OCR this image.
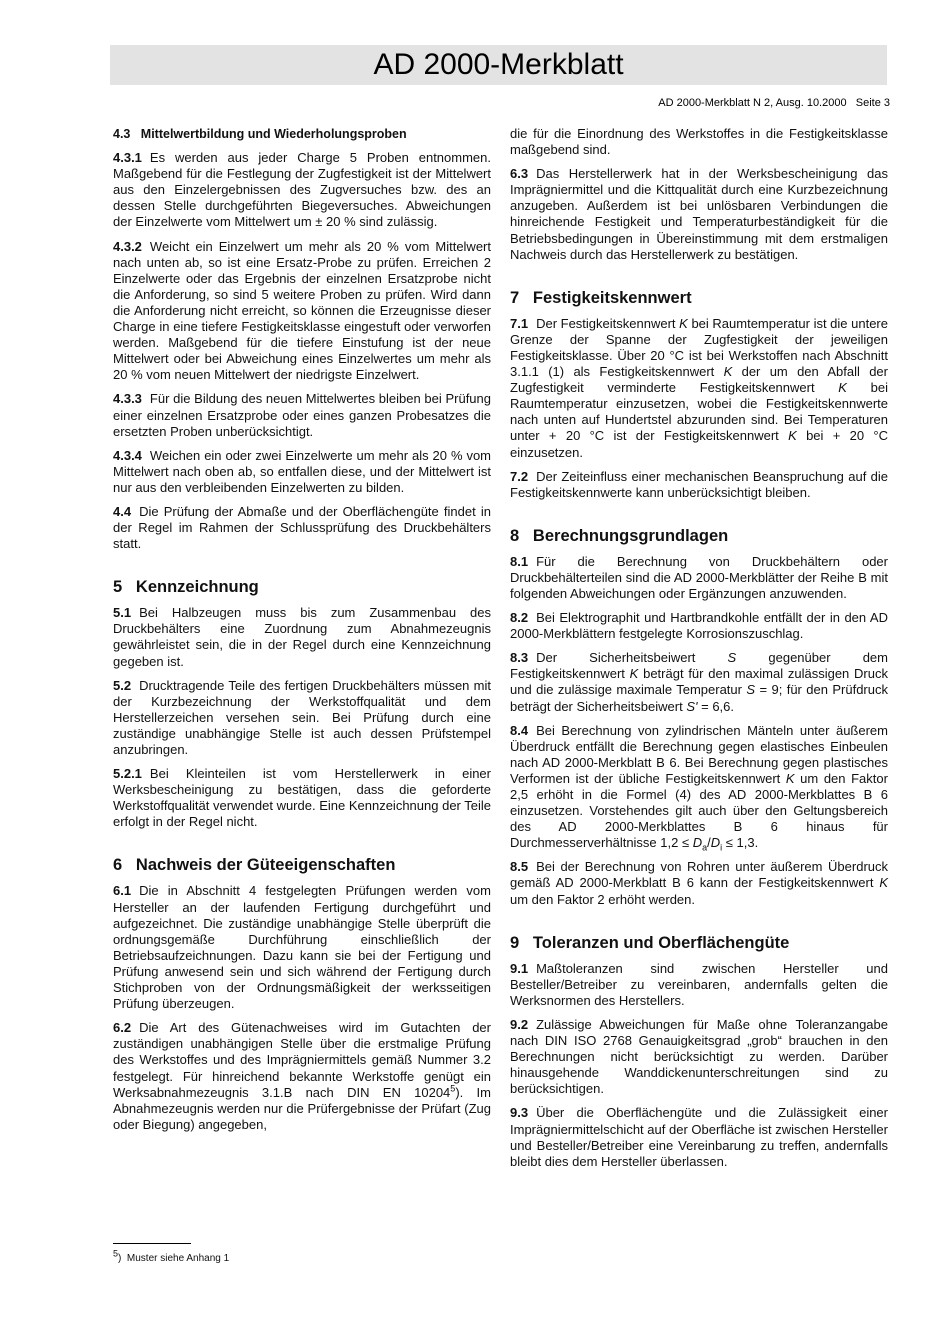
AD 2000-Merkblatt
AD 2000-Merkblatt N 2, Ausg. 10.2000   Seite 3

4.3   Mittelwertbildung und Wiederholungsproben

4.3.1 Es werden aus jeder Charge 5 Proben entnommen. Maßgebend für die Festlegung der Zugfestigkeit ist der Mittelwert aus den Einzelergebnissen des Zugversuches bzw. des an dessen Stelle durchgeführten Biegeversuches. Abweichungen der Einzelwerte vom Mittelwert um ± 20 % sind zulässig.

4.3.2 Weicht ein Einzelwert um mehr als 20 % vom Mittelwert nach unten ab, so ist eine Ersatz-Probe zu prüfen. Erreichen 2 Einzelwerte oder das Ergebnis der einzelnen Ersatzprobe nicht die Anforderung, so sind 5 weitere Proben zu prüfen. Wird dann die Anforderung nicht erreicht, so können die Erzeugnisse dieser Charge in eine tiefere Festigkeitsklasse eingestuft oder verworfen werden. Maßgebend für die tiefere Einstufung ist der neue Mittelwert oder bei Abweichung eines Einzelwertes um mehr als 20 % vom neuen Mittelwert der niedrigste Einzelwert.

4.3.3 Für die Bildung des neuen Mittelwertes bleiben bei Prüfung einer einzelnen Ersatzprobe oder eines ganzen Probesatzes die ersetzten Proben unberücksichtigt.

4.3.4 Weichen ein oder zwei Einzelwerte um mehr als 20 % vom Mittelwert nach oben ab, so entfallen diese, und der Mittelwert ist nur aus den verbleibenden Einzelwerten zu bilden.

4.4 Die Prüfung der Abmaße und der Oberflächengüte findet in der Regel im Rahmen der Schlussprüfung des Druckbehälters statt.

5   Kennzeichnung

5.1 Bei Halbzeugen muss bis zum Zusammenbau des Druckbehälters eine Zuordnung zum Abnahmezeugnis gewährleistet sein, die in der Regel durch eine Kennzeichnung gegeben ist.

5.2 Drucktragende Teile des fertigen Druckbehälters müssen mit der Kurzbezeichnung der Werkstoffqualität und dem Herstellerzeichen versehen sein. Bei Prüfung durch eine zuständige unabhängige Stelle ist auch dessen Prüfstempel anzubringen.

5.2.1 Bei Kleinteilen ist vom Herstellerwerk in einer Werksbescheinigung zu bestätigen, dass die geforderte Werkstoffqualität verwendet wurde. Eine Kennzeichnung der Teile erfolgt in der Regel nicht.

6   Nachweis der Güteeigenschaften

6.1 Die in Abschnitt 4 festgelegten Prüfungen werden vom Hersteller an der laufenden Fertigung durchgeführt und aufgezeichnet. Die zuständige unabhängige Stelle überprüft die ordnungsgemäße Durchführung einschließlich der Betriebsaufzeichnungen. Dazu kann sie bei der Fertigung und Prüfung anwesend sein und sich während der Fertigung durch Stichproben von der Ordnungsmäßigkeit der werksseitigen Prüfung überzeugen.

6.2 Die Art des Gütenachweises wird im Gutachten der zuständigen unabhängigen Stelle über die erstmalige Prüfung des Werkstoffes und des Imprägniermittels gemäß Nummer 3.2 festgelegt. Für hinreichend bekannte Werkstoffe genügt ein Werksabnahmezeugnis 3.1.B nach DIN EN 10204$^5$). Im Abnahmezeugnis werden nur die Prüfergebnisse der Prüfart (Zug oder Biegung) angegeben,

$^5$)  Muster siehe Anhang 1

die für die Einordnung des Werkstoffes in die Festigkeitsklasse maßgebend sind.

6.3 Das Herstellerwerk hat in der Werksbescheinigung das Imprägniermittel und die Kittqualität durch eine Kurzbezeichnung anzugeben. Außerdem ist bei unlösbaren Verbindungen die hinreichende Festigkeit und Temperaturbeständigkeit für die Betriebsbedingungen in Übereinstimmung mit dem erstmaligen Nachweis durch das Herstellerwerk zu bestätigen.

7   Festigkeitskennwert

7.1 Der Festigkeitskennwert K bei Raumtemperatur ist die untere Grenze der Spanne der Zugfestigkeit der jeweiligen Festigkeitsklasse. Über 20 °C ist bei Werkstoffen nach Abschnitt 3.1.1 (1) als Festigkeitskennwert K der um den Abfall der Zugfestigkeit verminderte Festigkeitskennwert K bei Raumtemperatur einzusetzen, wobei die Festigkeitskennwerte nach unten auf Hundertstel abzurunden sind. Bei Temperaturen unter + 20 °C ist der Festigkeitskennwert K bei + 20 °C einzusetzen.

7.2 Der Zeiteinfluss einer mechanischen Beanspruchung auf die Festigkeitskennwerte kann unberücksichtigt bleiben.

8   Berechnungsgrundlagen

8.1 Für die Berechnung von Druckbehältern oder Druckbehälterteilen sind die AD 2000-Merkblätter der Reihe B mit folgenden Abweichungen oder Ergänzungen anzuwenden.

8.2 Bei Elektrographit und Hartbrandkohle entfällt der in den AD 2000-Merkblättern festgelegte Korrosionszuschlag.

8.3 Der Sicherheitsbeiwert S gegenüber dem Festigkeitskennwert K beträgt für den maximal zulässigen Druck und die zulässige maximale Temperatur S = 9; für den Prüfdruck beträgt der Sicherheitsbeiwert S' = 6,6.

8.4 Bei Berechnung von zylindrischen Mänteln unter äußerem Überdruck entfällt die Berechnung gegen elastisches Einbeulen nach AD 2000-Merkblatt B 6. Bei Berechnung gegen plastisches Verformen ist der übliche Festigkeitskennwert K um den Faktor 2,5 erhöht in die Formel (4) des AD 2000-Merkblattes B 6 einzusetzen. Vorstehendes gilt auch über den Geltungsbereich des AD 2000-Merkblattes B 6 hinaus für Durchmesserverhältnisse $1,2 \le D_a/D_i \le 1,3$.

8.5 Bei der Berechnung von Rohren unter äußerem Überdruck gemäß AD 2000-Merkblatt B 6 kann der Festigkeitskennwert K um den Faktor 2 erhöht werden.

9   Toleranzen und Oberflächengüte

9.1 Maßtoleranzen sind zwischen Hersteller und Besteller/Betreiber zu vereinbaren, andernfalls gelten die Werksnormen des Herstellers.

9.2 Zulässige Abweichungen für Maße ohne Toleranzangabe nach DIN ISO 2768 Genauigkeitsgrad „grob“ brauchen in den Berechnungen nicht berücksichtigt zu werden. Darüber hinausgehende Wanddickenunterschreitungen sind zu berücksichtigen.

9.3 Über die Oberflächengüte und die Zulässigkeit einer Imprägniermittelschicht auf der Oberfläche ist zwischen Hersteller und Besteller/Betreiber eine Vereinbarung zu treffen, andernfalls bleibt dies dem Hersteller überlassen.
